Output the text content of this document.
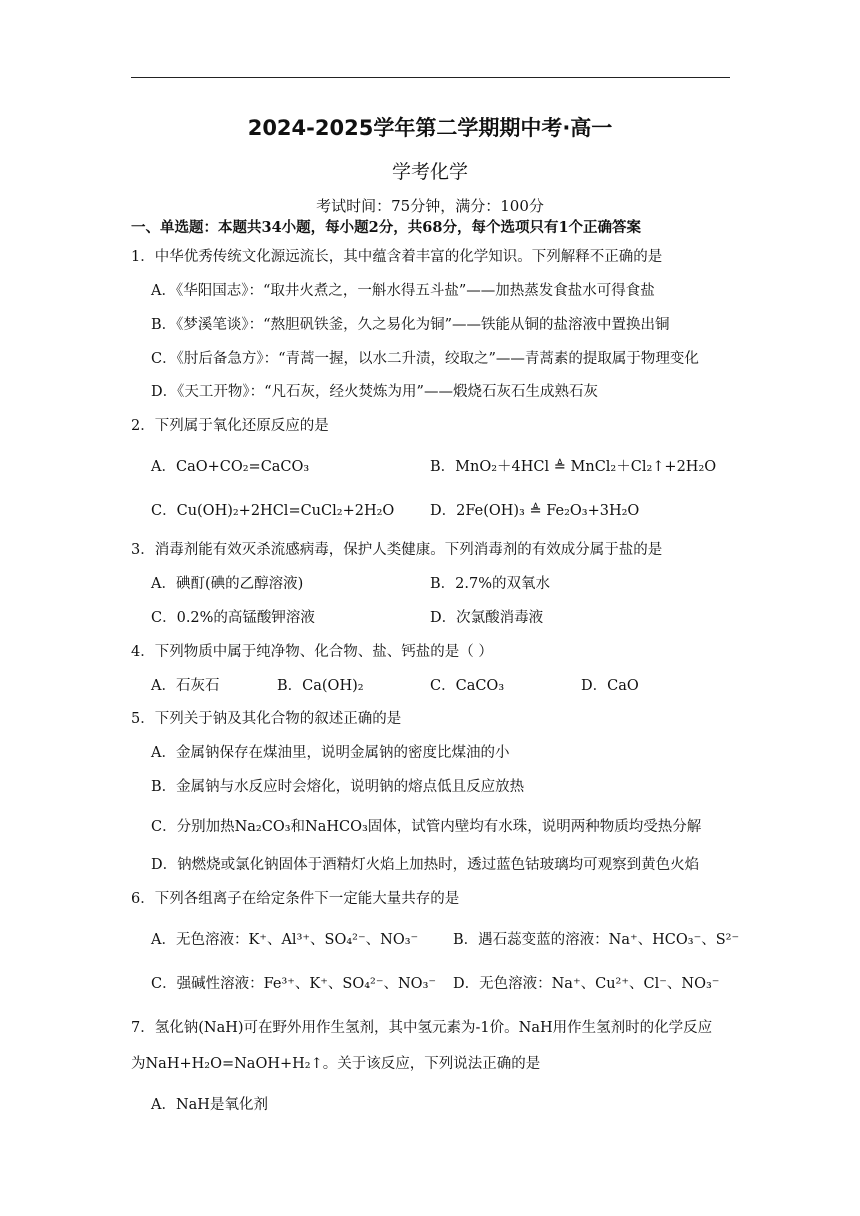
2024-2025学年第二学期期中考·高一
学考化学
考试时间：75分钟，满分：100分
一、单选题：本题共34小题，每小题2分，共68分，每个选项只有1个正确答案
1．中华优秀传统文化源远流长，其中蕴含着丰富的化学知识。下列解释不正确的是
A．《华阳国志》：“取井火煮之，一斛水得五斗盐”——加热蒸发食盐水可得食盐
B．《梦溪笔谈》：“熬胆矾铁釜，久之易化为铜”——铁能从铜的盐溶液中置换出铜
C．《肘后备急方》：“青蒿一握，以水二升渍，绞取之”——青蒿素的提取属于物理变化
D．《天工开物》：“凡石灰，经火焚炼为用”——煅烧石灰石生成熟石灰
2．下列属于氧化还原反应的是
A．CaO+CO₂=CaCO₃	B．MnO₂＋4HCl ≜ MnCl₂＋Cl₂↑+2H₂O
C．Cu(OH)₂+2HCl=CuCl₂+2H₂O D．2Fe(OH)₃ ≜ Fe₂O₃+3H₂O
3．消毒剂能有效灭杀流感病毒，保护人类健康。下列消毒剂的有效成分属于盐的是
A．碘酊(碘的乙醇溶液)	B．2.7%的双氧水
C．0.2%的高锰酸钾溶液	D．次氯酸消毒液
4．下列物质中属于纯净物、化合物、盐、钙盐的是（ ）
A．石灰石	B．Ca(OH)₂	C．CaCO₃	D．CaO
5．下列关于钠及其化合物的叙述正确的是
A．金属钠保存在煤油里，说明金属钠的密度比煤油的小
B．金属钠与水反应时会熔化，说明钠的熔点低且反应放热
C．分别加热Na₂CO₃和NaHCO₃固体，试管内壁均有水珠，说明两种物质均受热分解
D．钠燃烧或氯化钠固体于酒精灯火焰上加热时，透过蓝色钴玻璃均可观察到黄色火焰
6．下列各组离子在给定条件下一定能大量共存的是
A．无色溶液：K⁺、Al³⁺、SO₄²⁻、NO₃⁻ B．遇石蕊变蓝的溶液：Na⁺、HCO₃⁻、S²⁻
C．强碱性溶液：Fe³⁺、K⁺、SO₄²⁻、NO₃⁻ D．无色溶液：Na⁺、Cu²⁺、Cl⁻、NO₃⁻
7．氢化钠(NaH)可在野外用作生氢剂，其中氢元素为-1价。NaH用作生氢剂时的化学反应
为NaH+H₂O=NaOH+H₂↑。关于该反应，下列说法正确的是
A．NaH是氧化剂
